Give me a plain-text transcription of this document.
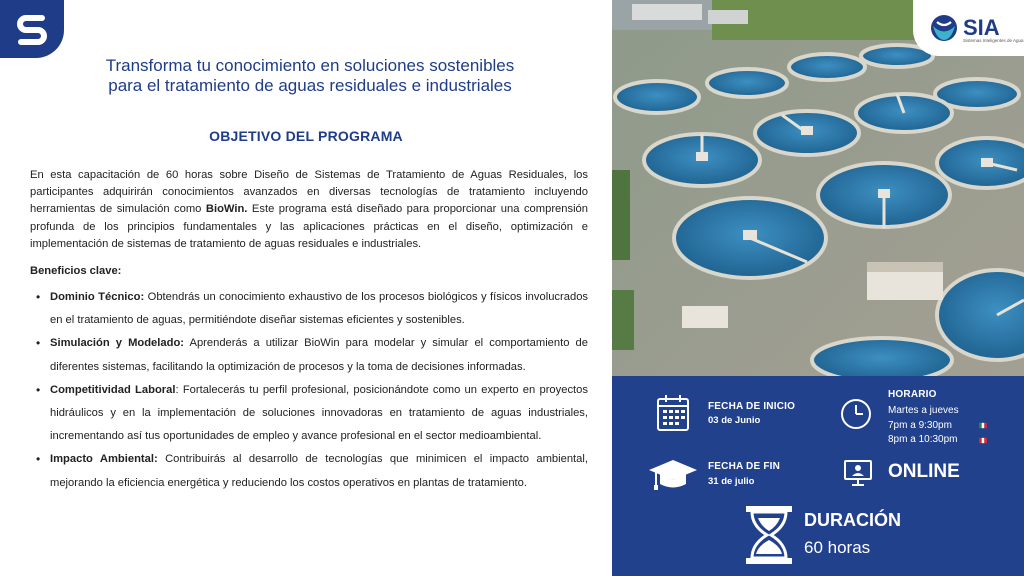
Transforma tu conocimiento en soluciones sostenibles
para el tratamiento de aguas residuales e industriales
OBJETIVO DEL PROGRAMA

En esta capacitación de 60 horas sobre Diseño de Sistemas de Tratamiento de Aguas Residuales, los participantes adquirirán conocimientos avanzados en diversas tecnologías de tratamiento incluyendo herramientas de simulación como BioWin. Este programa está diseñado para proporcionar una comprensión profunda de los principios fundamentales y las aplicaciones prácticas en el diseño, optimización e implementación de sistemas de tratamiento de aguas residuales e industriales.

Beneficios clave:
• Dominio Técnico: Obtendrás un conocimiento exhaustivo de los procesos biológicos y físicos involucrados en el tratamiento de aguas, permitiéndote diseñar sistemas eficientes y sostenibles.
• Simulación y Modelado: Aprenderás a utilizar BioWin para modelar y simular el comportamiento de diferentes sistemas, facilitando la optimización de procesos y la toma de decisiones informadas.
• Competitividad Laboral: Fortalecerás tu perfil profesional, posicionándote como un experto en proyectos hidráulicos y en la implementación de soluciones innovadoras en tratamiento de aguas industriales, incrementando así tus oportunidades de empleo y avance profesional en el sector medioambiental.
• Impacto Ambiental: Contribuirás al desarrollo de tecnologías que minimicen el impacto ambiental, mejorando la eficiencia energética y reduciendo los costos operativos en plantas de tratamiento.
SIA
Sistemas Inteligentes de Agua
FECHA DE INICIO
03 de Junio
HORARIO
Martes a jueves
7pm a 9:30pm
8pm a 10:30pm
FECHA DE FIN
31 de julio	ONLINE
DURACIÓN
60 horas
